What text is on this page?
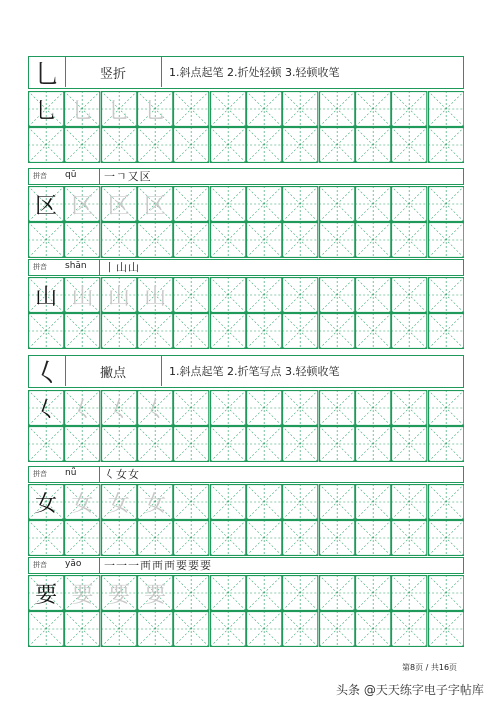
乚	竖折	1.斜点起笔 2.折处轻顿 3.轻顿收笔
乚 乚 乚 乚
拼音 qū	一ㄱ又区
区 区 区 区
拼音 shān	丨山山
山 山 山 山
𡿨	撇点	1.斜点起笔 2.折笔写点 3.轻顿收笔
𡿨 𡿨 𡿨 𡿨
拼音 nǚ	𡿨女女
女 女 女 女
拼音 yāo	一一一襾襾襾要要要
要 要 要 要
第8页 / 共16页
头条 @天天练字电子字帖库
